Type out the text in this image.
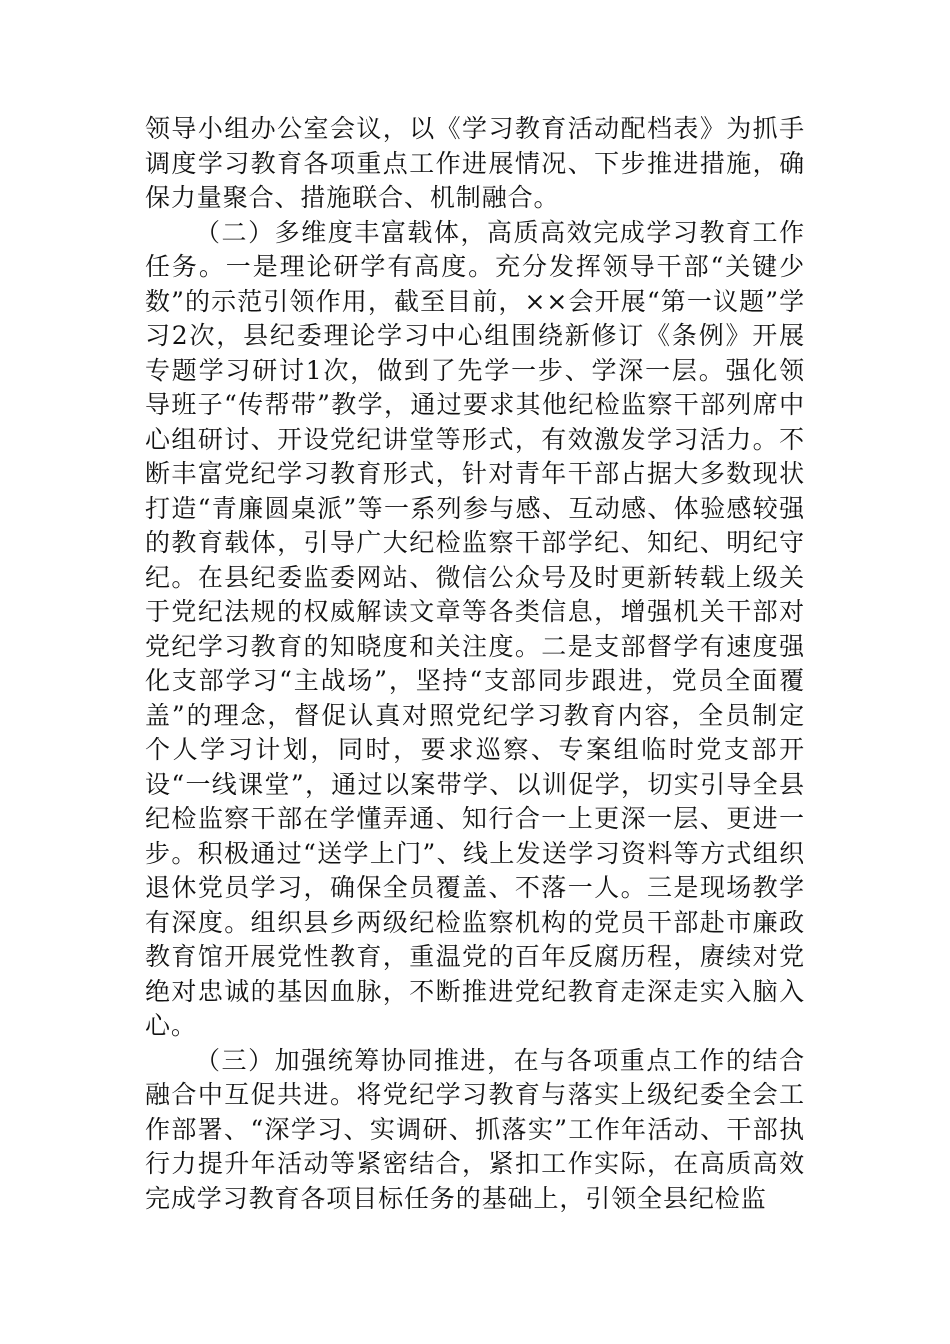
领导小组办公室会议，以《学习教育活动配档表》为抓手调度学习教育各项重点工作进展情况、下步推进措施，确保力量聚合、措施联合、机制融合。

（二）多维度丰富载体，高质高效完成学习教育工作任务。一是理论研学有高度。充分发挥领导干部“关键少数”的示范引领作用，截至目前，××会开展“第一议题”学习2次，县纪委理论学习中心组围绕新修订《条例》开展专题学习研讨1次，做到了先学一步、学深一层。强化领导班子“传帮带”教学，通过要求其他纪检监察干部列席中心组研讨、开设党纪讲堂等形式，有效激发学习活力。不断丰富党纪学习教育形式，针对青年干部占据大多数现状打造“青廉圆桌派”等一系列参与感、互动感、体验感较强的教育载体，引导广大纪检监察干部学纪、知纪、明纪守纪。在县纪委监委网站、微信公众号及时更新转载上级关于党纪法规的权威解读文章等各类信息，增强机关干部对党纪学习教育的知晓度和关注度。二是支部督学有速度强化支部学习“主战场”，坚持“支部同步跟进，党员全面覆盖”的理念，督促认真对照党纪学习教育内容，全员制定个人学习计划，同时，要求巡察、专案组临时党支部开设“一线课堂”，通过以案带学、以训促学，切实引导全县纪检监察干部在学懂弄通、知行合一上更深一层、更进一步。积极通过“送学上门”、线上发送学习资料等方式组织退休党员学习，确保全员覆盖、不落一人。三是现场教学有深度。组织县乡两级纪检监察机构的党员干部赴市廉政教育馆开展党性教育，重温党的百年反腐历程，赓续对党绝对忠诚的基因血脉，不断推进党纪教育走深走实入脑入心。

（三）加强统筹协同推进，在与各项重点工作的结合融合中互促共进。将党纪学习教育与落实上级纪委全会工作部署、“深学习、实调研、抓落实”工作年活动、干部执行力提升年活动等紧密结合，紧扣工作实际，在高质高效完成学习教育各项目标任务的基础上，引领全县纪检监
